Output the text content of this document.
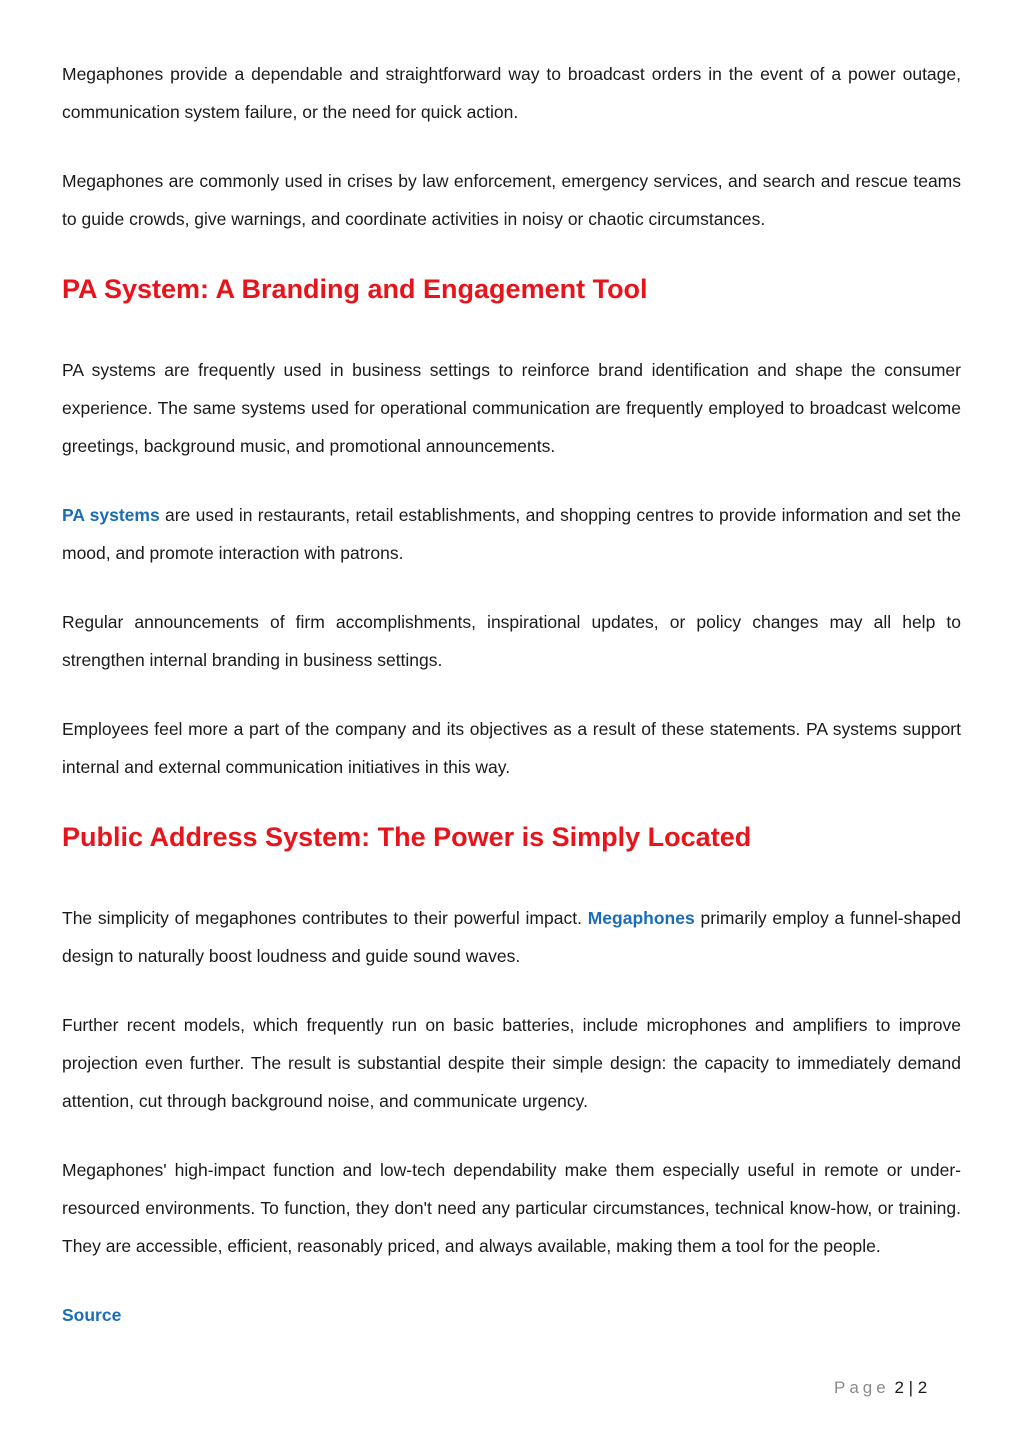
Megaphones provide a dependable and straightforward way to broadcast orders in the event of a power outage, communication system failure, or the need for quick action.

Megaphones are commonly used in crises by law enforcement, emergency services, and search and rescue teams to guide crowds, give warnings, and coordinate activities in noisy or chaotic circumstances.

PA System: A Branding and Engagement Tool

PA systems are frequently used in business settings to reinforce brand identification and shape the consumer experience. The same systems used for operational communication are frequently employed to broadcast welcome greetings, background music, and promotional announcements.

PA systems are used in restaurants, retail establishments, and shopping centres to provide information and set the mood, and promote interaction with patrons.

Regular announcements of firm accomplishments, inspirational updates, or policy changes may all help to strengthen internal branding in business settings.

Employees feel more a part of the company and its objectives as a result of these statements. PA systems support internal and external communication initiatives in this way.

Public Address System: The Power is Simply Located

The simplicity of megaphones contributes to their powerful impact. Megaphones primarily employ a funnel-shaped design to naturally boost loudness and guide sound waves.

Further recent models, which frequently run on basic batteries, include microphones and amplifiers to improve projection even further. The result is substantial despite their simple design: the capacity to immediately demand attention, cut through background noise, and communicate urgency.

Megaphones' high-impact function and low-tech dependability make them especially useful in remote or under-resourced environments. To function, they don't need any particular circumstances, technical know-how, or training. They are accessible, efficient, reasonably priced, and always available, making them a tool for the people.

Source
Page 2 | 2
